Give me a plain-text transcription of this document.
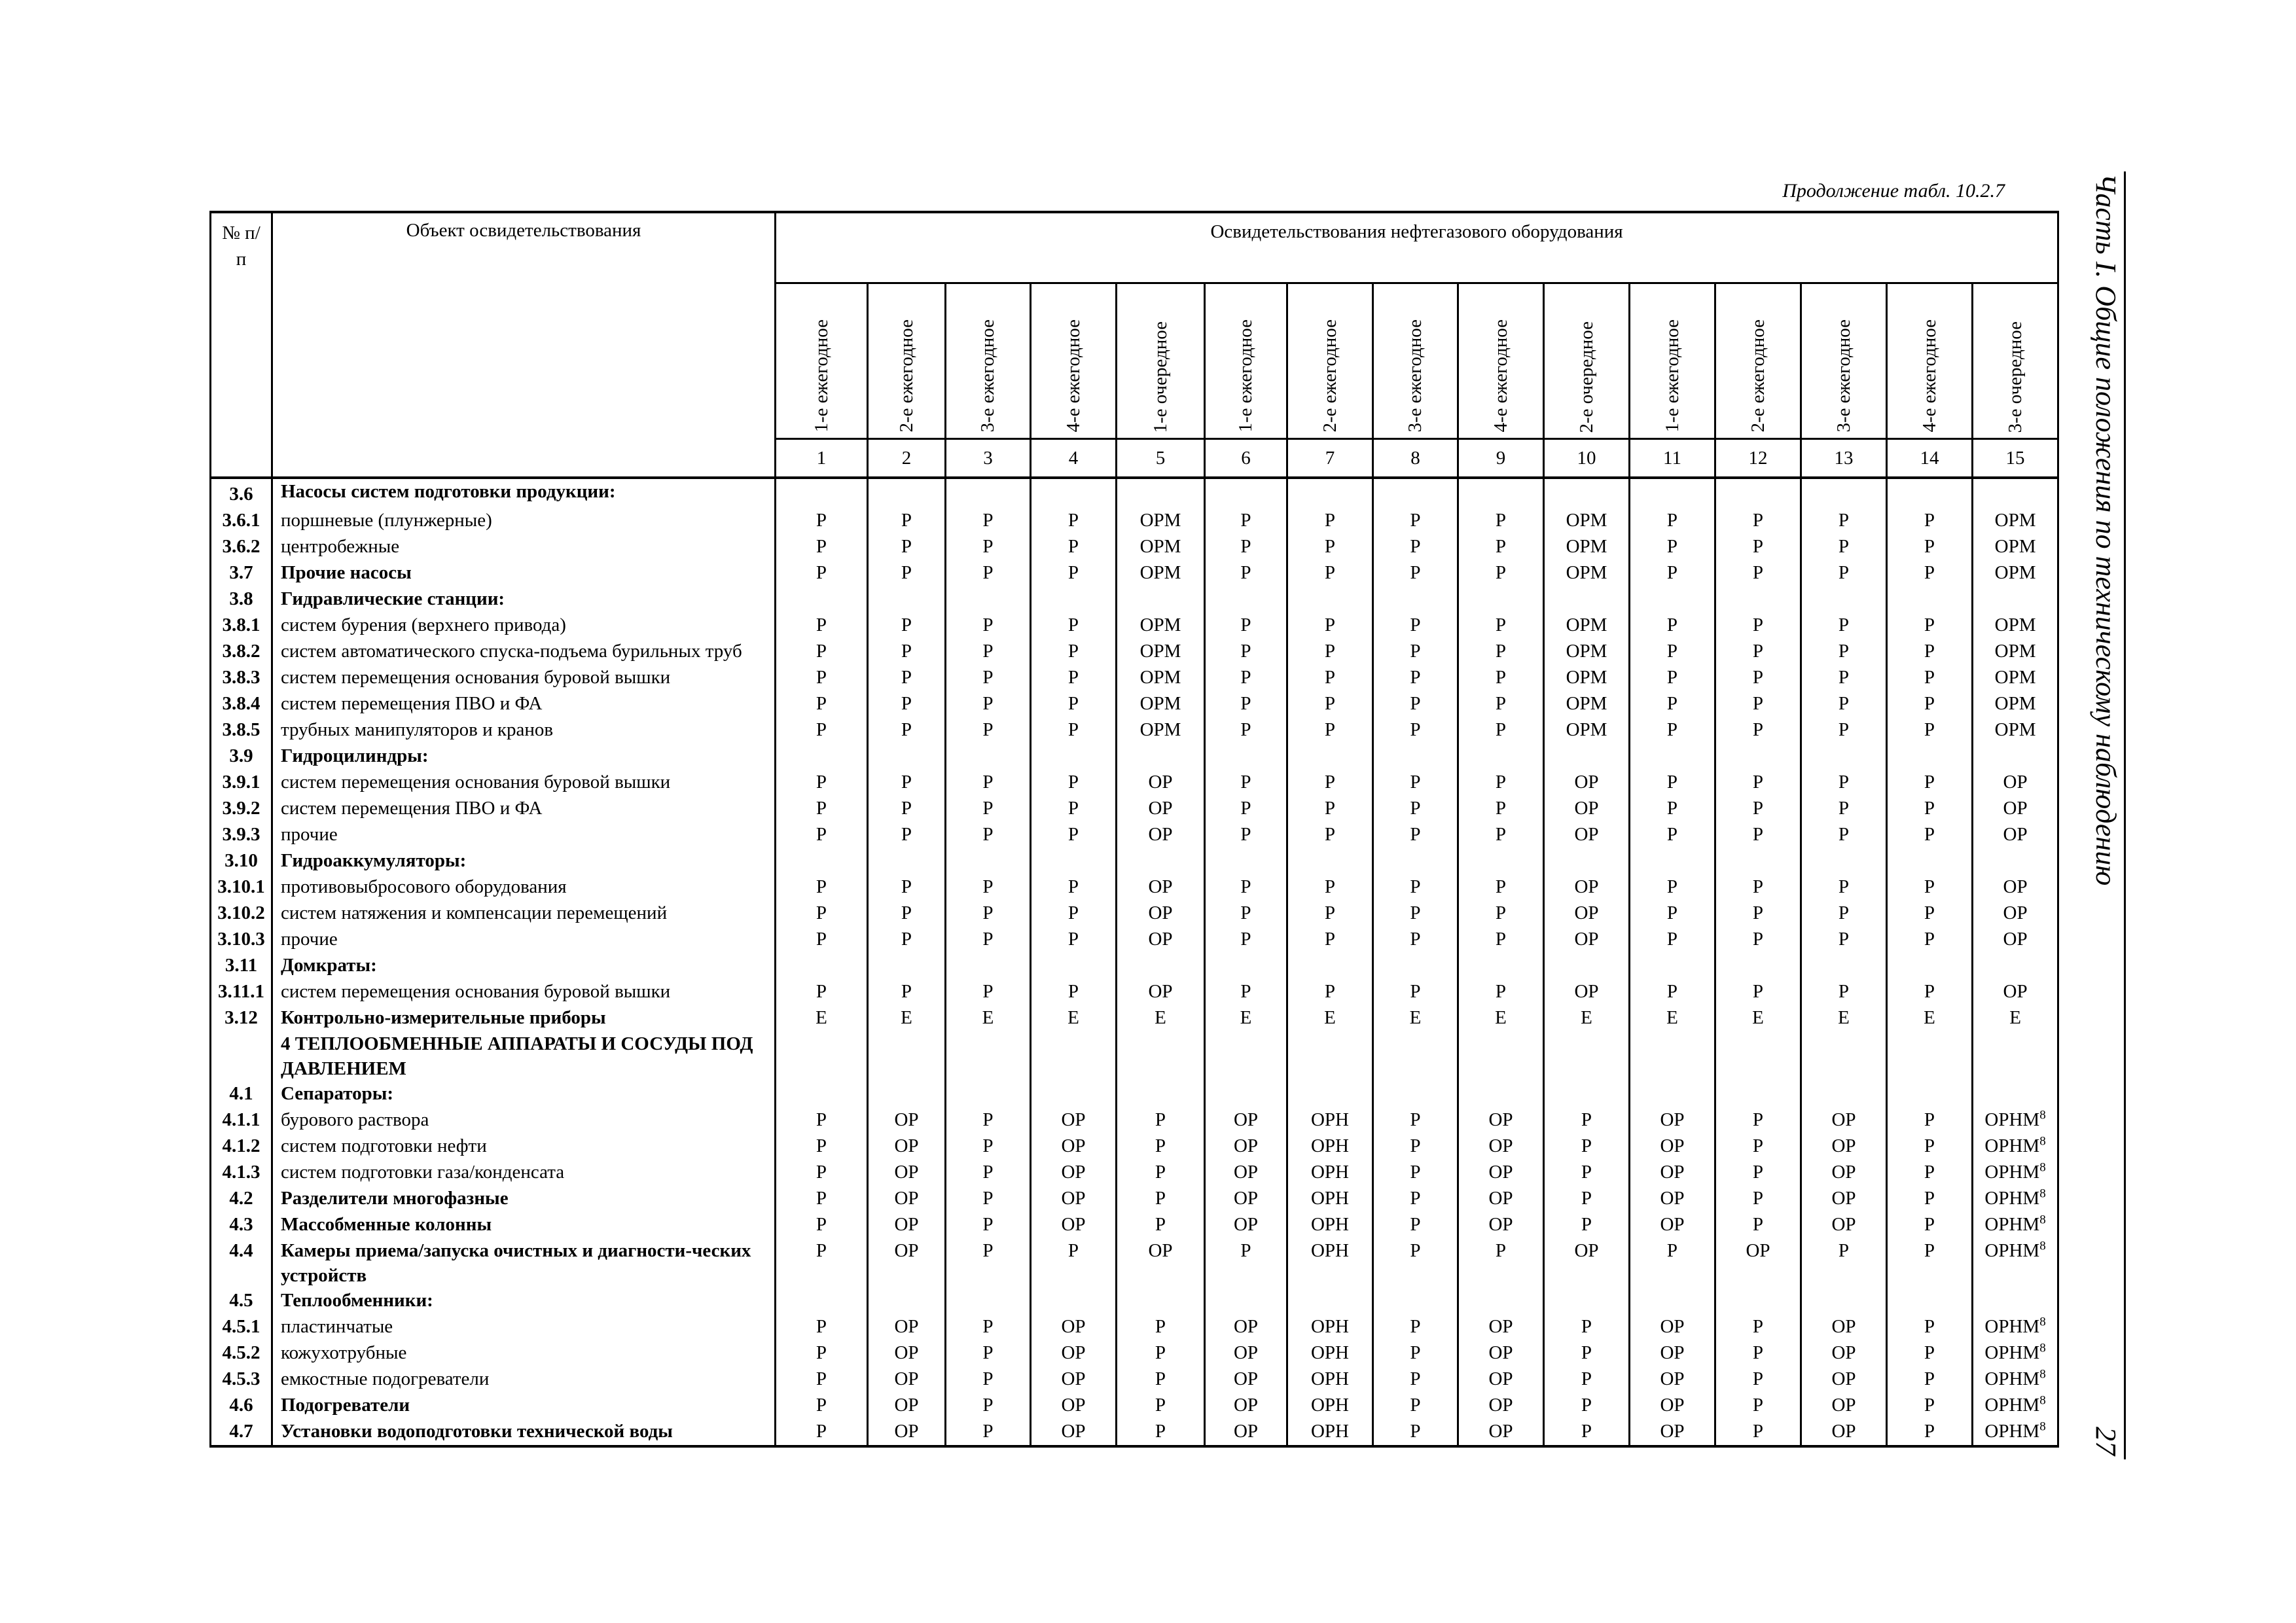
Продолжение табл. 10.2.7	Часть I. Общие положения по техническому наблюдению
27
№ п/п	Объект освидетельствования	Освидетельствования нефтегазового оборудования														
		1-е ежегодное	2-е ежегодное	3-е ежегодное	4-е ежегодное	1-е очередное	1-е ежегодное	2-е ежегодное	3-е ежегодное	4-е ежегодное	2-е очередное	1-е ежегодное	2-е ежегодное	3-е ежегодное	4-е ежегодное	3-е очередное
		1	2	3	4	5	6	7	8	9	10	11	12	13	14	15
3.6	Насосы систем подготовки продукции:															
3.6.1	поршневые (плунжерные)	Р	Р	Р	Р	ОРМ	Р	Р	Р	Р	ОРМ	Р	Р	Р	Р	ОРМ
3.6.2	центробежные	Р	Р	Р	Р	ОРМ	Р	Р	Р	Р	ОРМ	Р	Р	Р	Р	ОРМ
3.7	Прочие насосы	Р	Р	Р	Р	ОРМ	Р	Р	Р	Р	ОРМ	Р	Р	Р	Р	ОРМ
3.8	Гидравлические станции:															
3.8.1	систем бурения (верхнего привода)	Р	Р	Р	Р	ОРМ	Р	Р	Р	Р	ОРМ	Р	Р	Р	Р	ОРМ
3.8.2	систем автоматического спуска-подъема бурильных труб	Р	Р	Р	Р	ОРМ	Р	Р	Р	Р	ОРМ	Р	Р	Р	Р	ОРМ
3.8.3	систем перемещения основания буровой вышки	Р	Р	Р	Р	ОРМ	Р	Р	Р	Р	ОРМ	Р	Р	Р	Р	ОРМ
3.8.4	систем перемещения ПВО и ФА	Р	Р	Р	Р	ОРМ	Р	Р	Р	Р	ОРМ	Р	Р	Р	Р	ОРМ
3.8.5	трубных манипуляторов и кранов	Р	Р	Р	Р	ОРМ	Р	Р	Р	Р	ОРМ	Р	Р	Р	Р	ОРМ
3.9	Гидроцилиндры:															
3.9.1	систем перемещения основания буровой вышки	Р	Р	Р	Р	ОР	Р	Р	Р	Р	ОР	Р	Р	Р	Р	ОР
3.9.2	систем перемещения ПВО и ФА	Р	Р	Р	Р	ОР	Р	Р	Р	Р	ОР	Р	Р	Р	Р	ОР
3.9.3	прочие	Р	Р	Р	Р	ОР	Р	Р	Р	Р	ОР	Р	Р	Р	Р	ОР
3.10	Гидроаккумуляторы:															
3.10.1	противовыбросового оборудования	Р	Р	Р	Р	ОР	Р	Р	Р	Р	ОР	Р	Р	Р	Р	ОР
3.10.2	систем натяжения и компенсации перемещений	Р	Р	Р	Р	ОР	Р	Р	Р	Р	ОР	Р	Р	Р	Р	ОР
3.10.3	прочие	Р	Р	Р	Р	ОР	Р	Р	Р	Р	ОР	Р	Р	Р	Р	ОР
3.11	Домкраты:															
3.11.1	систем перемещения основания буровой вышки	Р	Р	Р	Р	ОР	Р	Р	Р	Р	ОР	Р	Р	Р	Р	ОР
3.12	Контрольно-измерительные приборы	Е	Е	Е	Е	Е	Е	Е	Е	Е	Е	Е	Е	Е	Е	Е
	4 ТЕПЛООБМЕННЫЕ АППАРАТЫ И СОСУДЫ ПОД ДАВЛЕНИЕМ															
4.1	Сепараторы:															
4.1.1	бурового раствора	Р	ОР	Р	ОР	Р	ОР	ОРН	Р	ОР	Р	ОР	Р	ОР	Р	ОРНМ$^8$
4.1.2	систем подготовки нефти	Р	ОР	Р	ОР	Р	ОР	ОРН	Р	ОР	Р	ОР	Р	ОР	Р	ОРНМ$^8$
4.1.3	систем подготовки газа/конденсата	Р	ОР	Р	ОР	Р	ОР	ОРН	Р	ОР	Р	ОР	Р	ОР	Р	ОРНМ$^8$
4.2	Разделители многофазные	Р	ОР	Р	ОР	Р	ОР	ОРН	Р	ОР	Р	ОР	Р	ОР	Р	ОРНМ$^8$
4.3	Массобменные колонны	Р	ОР	Р	ОР	Р	ОР	ОРН	Р	ОР	Р	ОР	Р	ОР	Р	ОРНМ$^8$
4.4	Камеры приема/запуска очистных и диагности-ческих устройств	Р	ОР	Р	Р	ОР	Р	ОРН	Р	Р	ОР	Р	ОР	Р	Р	ОРНМ$^8$
4.5	Теплообменники:															
4.5.1	пластинчатые	Р	ОР	Р	ОР	Р	ОР	ОРН	Р	ОР	Р	ОР	Р	ОР	Р	ОРНМ$^8$
4.5.2	кожухотрубные	Р	ОР	Р	ОР	Р	ОР	ОРН	Р	ОР	Р	ОР	Р	ОР	Р	ОРНМ$^8$
4.5.3	емкостные подогреватели	Р	ОР	Р	ОР	Р	ОР	ОРН	Р	ОР	Р	ОР	Р	ОР	Р	ОРНМ$^8$
4.6	Подогреватели	Р	ОР	Р	ОР	Р	ОР	ОРН	Р	ОР	Р	ОР	Р	ОР	Р	ОРНМ$^8$
4.7	Установки водоподготовки технической воды	Р	ОР	Р	ОР	Р	ОР	ОРН	Р	ОР	Р	ОР	Р	ОР	Р	ОРНМ$^8$
